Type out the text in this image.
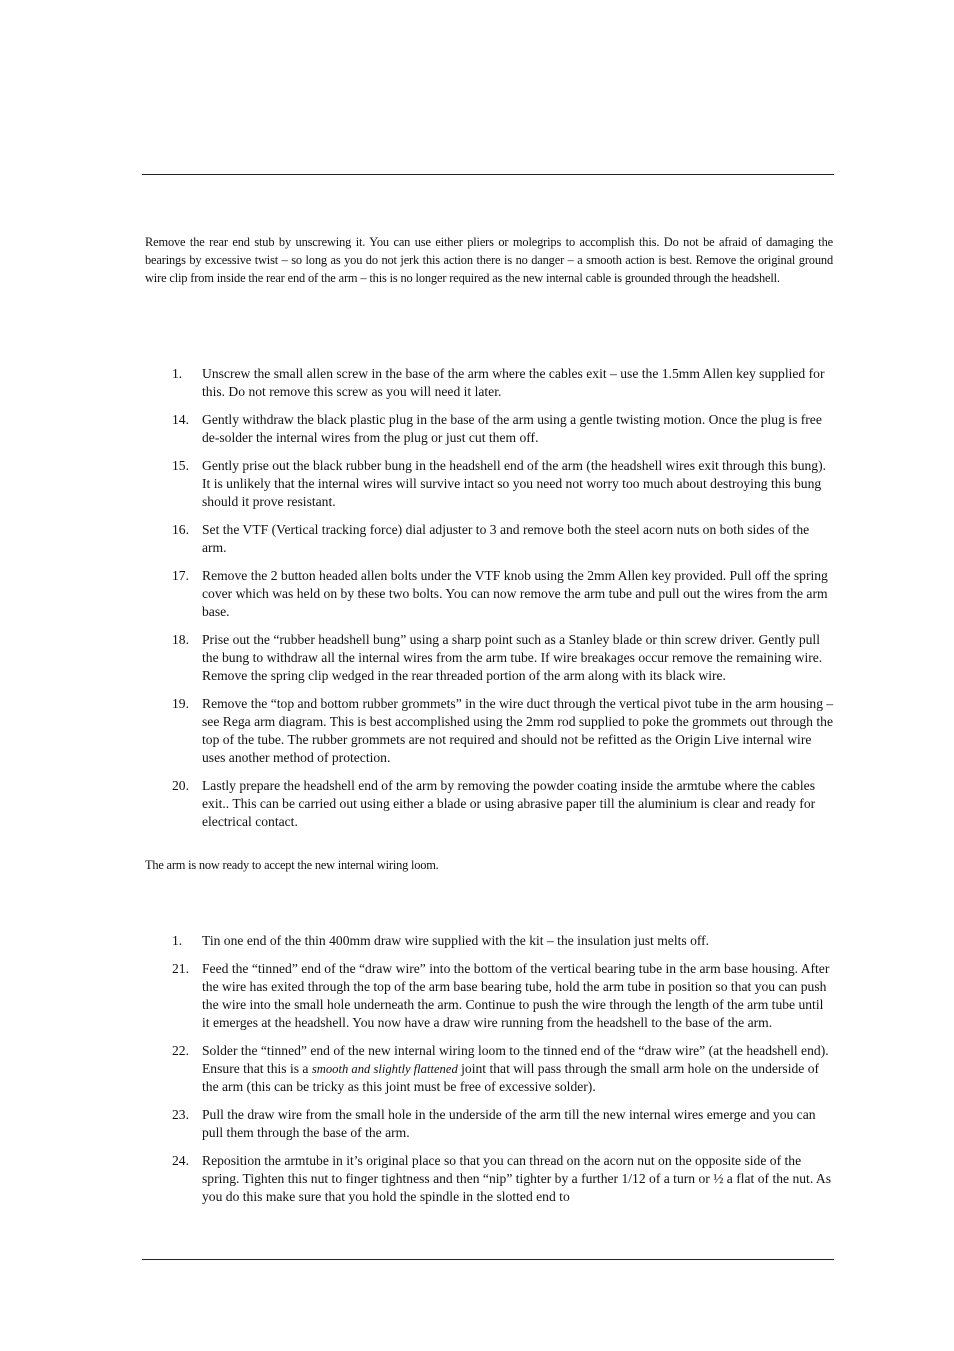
Remove the rear end stub by unscrewing it. You can use either pliers or molegrips to accomplish this. Do not be afraid of damaging the bearings by excessive twist – so long as you do not jerk this action there is no danger – a smooth action is best. Remove the original ground wire clip from inside the rear end of the arm – this is no longer required as the new internal cable is grounded through the headshell.

1.	Unscrew the small allen screw in the base of the arm where the cables exit – use the 1.5mm Allen key supplied for this. Do not remove this screw as you will need it later.
14. Gently withdraw the black plastic plug in the base of the arm using a gentle twisting motion. Once the plug is free de-solder the internal wires from the plug or just cut them off.
15. Gently prise out the black rubber bung in the headshell end of the arm (the headshell wires exit through this bung). It is unlikely that the internal wires will survive intact so you need not worry too much about destroying this bung should it prove resistant.
16. Set the VTF (Vertical tracking force) dial adjuster to 3 and remove both the steel acorn nuts on both sides of the arm.
17. Remove the 2 button headed allen bolts under the VTF knob using the 2mm Allen key provided. Pull off the spring cover which was held on by these two bolts. You can now remove the arm tube and pull out the wires from the arm base.
18. Prise out the “rubber headshell bung” using a sharp point such as a Stanley blade or thin screw driver. Gently pull the bung to withdraw all the internal wires from the arm tube. If wire breakages occur remove the remaining wire. Remove the spring clip wedged in the rear threaded portion of the arm along with its black wire.
19. Remove the “top and bottom rubber grommets” in the wire duct through the vertical pivot tube in the arm housing – see Rega arm diagram. This is best accomplished using the 2mm rod supplied to poke the grommets out through the top of the tube. The rubber grommets are not required and should not be refitted as the Origin Live internal wire uses another method of protection.
20. Lastly prepare the headshell end of the arm by removing the powder coating inside the armtube where the cables exit.. This can be carried out using either a blade or using abrasive paper till the aluminium is clear and ready for electrical contact.

The arm is now ready to accept the new internal wiring loom.

1.	Tin one end of the thin 400mm draw wire supplied with the kit – the insulation just melts off.
21. Feed the “tinned” end of the “draw wire” into the bottom of the vertical bearing tube in the arm base housing. After the wire has exited through the top of the arm base bearing tube, hold the arm tube in position so that you can push the wire into the small hole underneath the arm. Continue to push the wire through the length of the arm tube until it emerges at the headshell. You now have a draw wire running from the headshell to the base of the arm.
22. Solder the “tinned” end of the new internal wiring loom to the tinned end of the “draw wire” (at the headshell end). Ensure that this is a smooth and slightly flattened joint that will pass through the small arm hole on the underside of the arm (this can be tricky as this joint must be free of excessive solder).
23. Pull the draw wire from the small hole in the underside of the arm till the new internal wires emerge and you can pull them through the base of the arm.
24. Reposition the armtube in it’s original place so that you can thread on the acorn nut on the opposite side of the spring. Tighten this nut to finger tightness and then “nip” tighter by a further 1/12 of a turn or ½ a flat of the nut. As you do this make sure that you hold the spindle in the slotted end to
